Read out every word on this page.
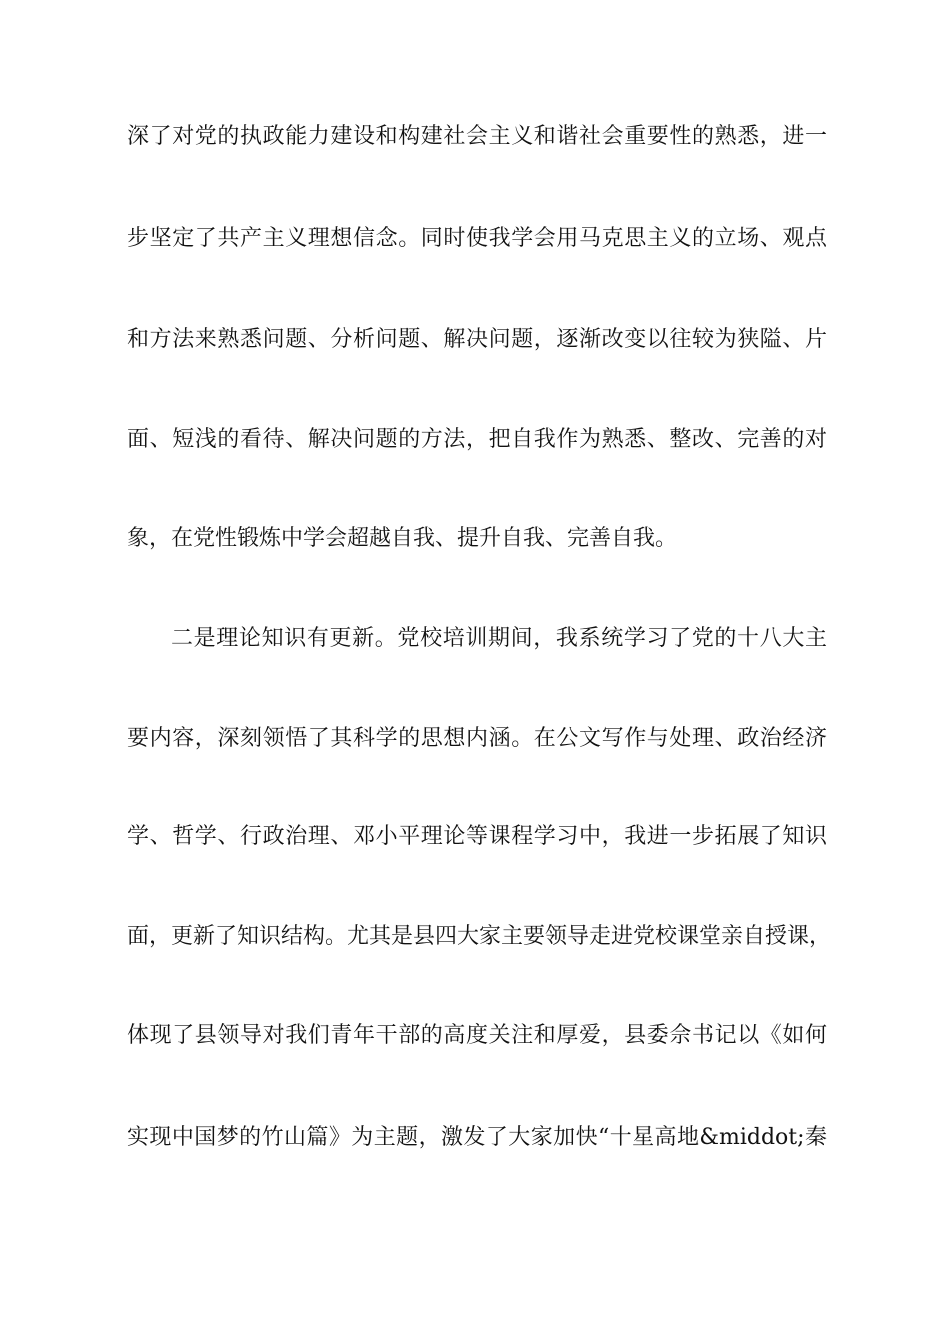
深了对党的执政能力建设和构建社会主义和谐社会重要性的熟悉，进一
步坚定了共产主义理想信念。同时使我学会用马克思主义的立场、观点
和方法来熟悉问题、分析问题、解决问题，逐渐改变以往较为狭隘、片
面、短浅的看待、解决问题的方法，把自我作为熟悉、整改、完善的对
象，在党性锻炼中学会超越自我、提升自我、完善自我。
二是理论知识有更新。党校培训期间，我系统学习了党的十八大主
要内容，深刻领悟了其科学的思想内涵。在公文写作与处理、政治经济
学、哲学、行政治理、邓小平理论等课程学习中，我进一步拓展了知识
面，更新了知识结构。尤其是县四大家主要领导走进党校课堂亲自授课，
体现了县领导对我们青年干部的高度关注和厚爱，县委佘书记以《如何
实现中国梦的竹山篇》为主题，激发了大家加快“十星高地&middot;秦
